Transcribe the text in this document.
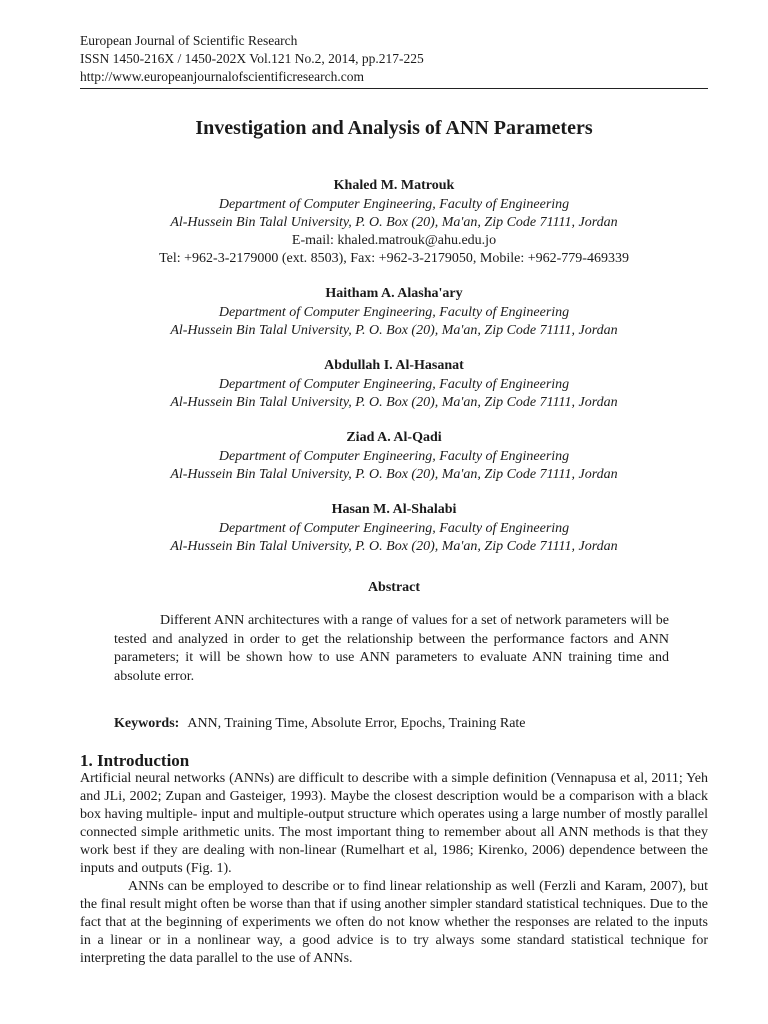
European Journal of Scientific Research
ISSN 1450-216X / 1450-202X Vol.121 No.2, 2014, pp.217-225
http://www.europeanjournalofscientificresearch.com
Investigation and Analysis of ANN Parameters
Khaled M. Matrouk
Department of Computer Engineering, Faculty of Engineering
Al-Hussein Bin Talal University, P. O. Box (20), Ma'an, Zip Code 71111, Jordan
E-mail: khaled.matrouk@ahu.edu.jo
Tel: +962-3-2179000 (ext. 8503), Fax: +962-3-2179050, Mobile: +962-779-469339
Haitham A. Alasha'ary
Department of Computer Engineering, Faculty of Engineering
Al-Hussein Bin Talal University, P. O. Box (20), Ma'an, Zip Code 71111, Jordan
Abdullah I. Al-Hasanat
Department of Computer Engineering, Faculty of Engineering
Al-Hussein Bin Talal University, P. O. Box (20), Ma'an, Zip Code 71111, Jordan
Ziad A. Al-Qadi
Department of Computer Engineering, Faculty of Engineering
Al-Hussein Bin Talal University, P. O. Box (20), Ma'an, Zip Code 71111, Jordan
Hasan M. Al-Shalabi
Department of Computer Engineering, Faculty of Engineering
Al-Hussein Bin Talal University, P. O. Box (20), Ma'an, Zip Code 71111, Jordan
Abstract
Different ANN architectures with a range of values for a set of network parameters will be tested and analyzed in order to get the relationship between the performance factors and ANN parameters; it will be shown how to use ANN parameters to evaluate ANN training time and absolute error.
Keywords: ANN, Training Time, Absolute Error, Epochs, Training Rate
1. Introduction

Artificial neural networks (ANNs) are difficult to describe with a simple definition (Vennapusa et al, 2011; Yeh and JLi, 2002; Zupan and Gasteiger, 1993). Maybe the closest description would be a comparison with a black box having multiple- input and multiple-output structure which operates using a large number of mostly parallel connected simple arithmetic units. The most important thing to remember about all ANN methods is that they work best if they are dealing with non-linear (Rumelhart et al, 1986; Kirenko, 2006) dependence between the inputs and outputs (Fig. 1).

ANNs can be employed to describe or to find linear relationship as well (Ferzli and Karam, 2007), but the final result might often be worse than that if using another simpler standard statistical techniques. Due to the fact that at the beginning of experiments we often do not know whether the responses are related to the inputs in a linear or in a nonlinear way, a good advice is to try always some standard statistical technique for interpreting the data parallel to the use of ANNs.
